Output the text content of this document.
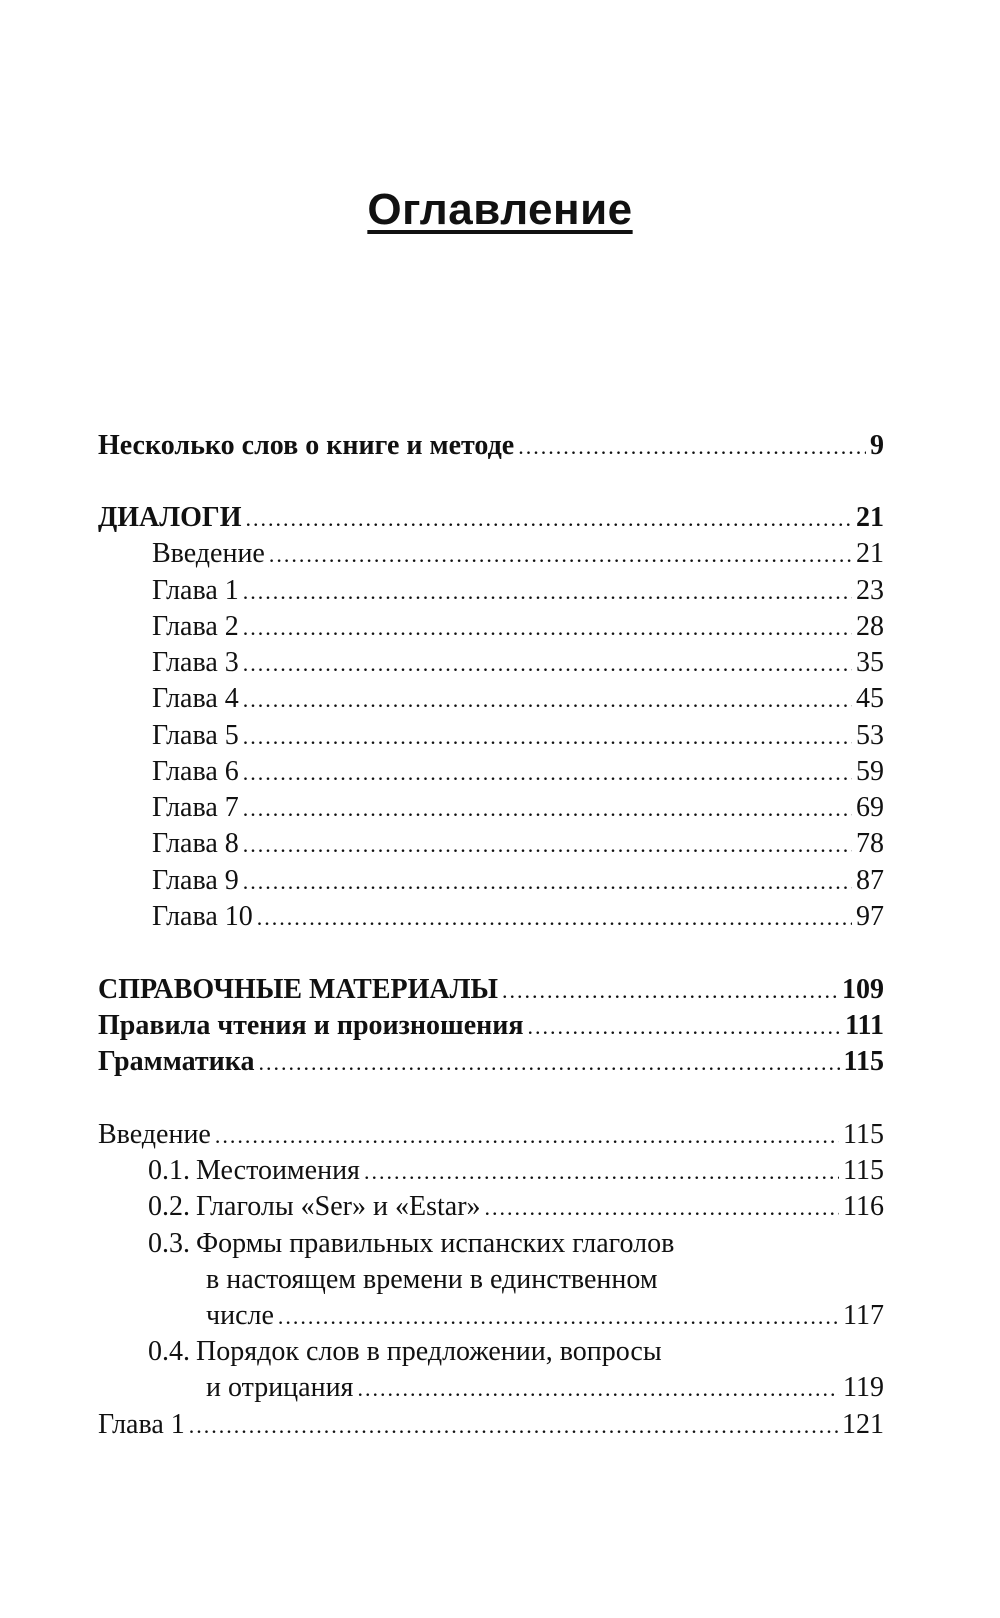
Оглавление
Несколько слов о книге и методе .....	9
ДИАЛОГИ .....	21
Введение .....	21
Глава 1 .....	23
Глава 2 .....	28
Глава 3 .....	35
Глава 4 .....	45
Глава 5 .....	53
Глава 6 .....	59
Глава 7 .....	69
Глава 8 .....	78
Глава 9 .....	87
Глава 10 .....	97
СПРАВОЧНЫЕ МАТЕРИАЛЫ .....	109
Правила чтения и произношения .....	111
Грамматика .....	115
Введение .....	115
0.1. Местоимения .....	115
0.2. Глаголы «Ser» и «Estar» .....	116
0.3. Формы правильных испанских глаголов
в настоящем времени в единственном
числе .....	117
0.4. Порядок слов в предложении, вопросы
и отрицания .....	119
Глава 1 .....	121
